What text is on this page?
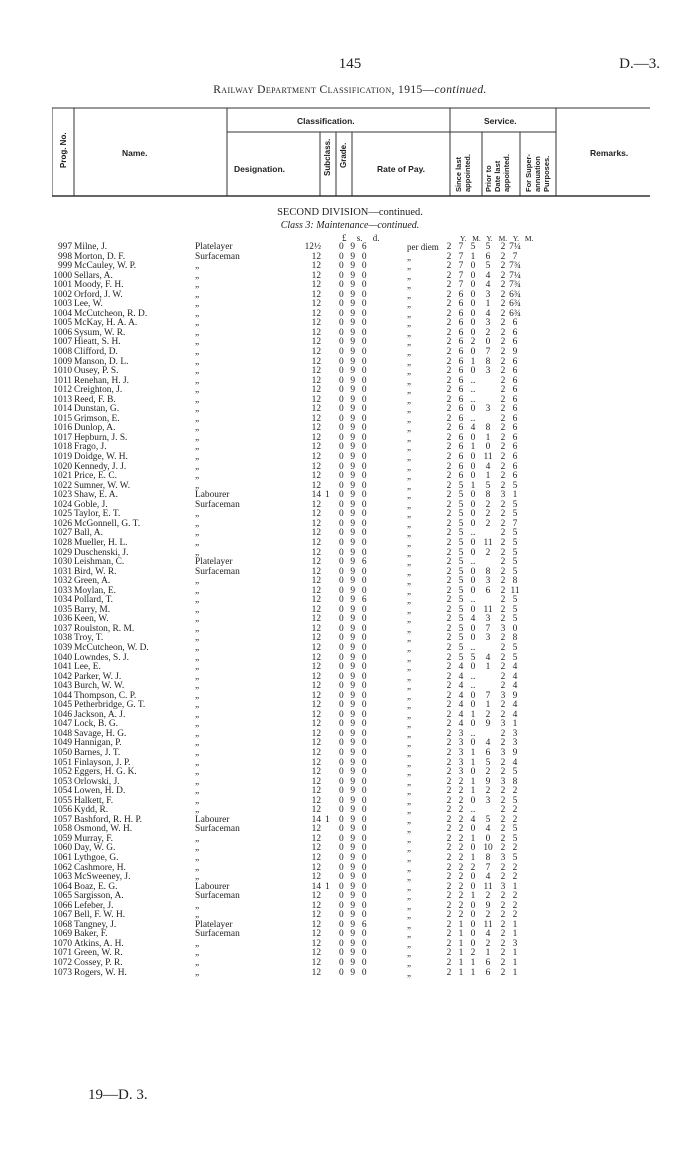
145	D.—3.
Railway Department Classification, 1915—continued.
Prog. No.	Name.
Classification.
Designation.	Subclass. Grade.
Rate of Pay.
Service.
Since last
appointed. Prior to
Date last
appointed. For Super-
annuation
Purposes.
Remarks.
SECOND DIVISION—continued.
Class 3: Maintenance—continued.
£ s. d.	Y. M. Y. M. Y. M.
997	Milne, J.	Platelayer	12½		0 9 6	per diem	2	7	5	5	2	7¼
998	Morton, D. F.	Surfaceman	12		0 9 0	„	2	7	1	6	2	7
999	McCauley, W. P.	„	12		0 9 0	„	2	7	0	5	2	7¾
1000	Sellars, A.	„	12		0 9 0	„	2	7	0	4	2	7¼
1001	Moody, F. H.	„	12		0 9 0	„	2	7	0	4	2	7¾
1002	Orford, J. W.	„	12		0 9 0	„	2	6	0	3	2	6¾
1003	Lee, W.	„	12		0 9 0	„	2	6	0	1	2	6¾
1004	McCutcheon, R. D.	„	12		0 9 0	„	2	6	0	4	2	6¾
1005	McKay, H. A. A.	„	12		0 9 0	„	2	6	0	3	2	6
1006	Sysum, W. R.	„	12		0 9 0	„	2	6	0	2	2	6
1007	Hieatt, S. H.	„	12		0 9 0	„	2	6	2	0	2	6
1008	Clifford, D.	„	12		0 9 0	„	2	6	0	7	2	9
1009	Manson, D. L.	„	12		0 9 0	„	2	6	1	8	2	6
1010	Ousey, P. S.	„	12		0 9 0	„	2	6	0	3	2	6
1011	Renehan, H. J.	„	12		0 9 0	„	2	6	..		2	6
1012	Creighton, J.	„	12		0 9 0	„	2	6	..		2	6
1013	Reed, F. B.	„	12		0 9 0	„	2	6	..		2	6
1014	Dunstan, G.	„	12		0 9 0	„	2	6	0	3	2	6
1015	Grimson, E.	„	12		0 9 0	„	2	6	..		2	6
1016	Dunlop, A.	„	12		0 9 0	„	2	6	4	8	2	6
1017	Hepburn, J. S.	„	12		0 9 0	„	2	6	0	1	2	6
1018	Frago, J.	„	12		0 9 0	„	2	6	1	0	2	6
1019	Doidge, W. H.	„	12		0 9 0	„	2	6	0	11	2	6
1020	Kennedy, J. J.	„	12		0 9 0	„	2	6	0	4	2	6
1021	Price, E. C.	„	12		0 9 0	„	2	6	0	1	2	6
1022	Sumner, W. W.	„	12		0 9 0	„	2	5	1	5	2	5
1023	Shaw, E. A.	Labourer	14	1	0 9 0	„	2	5	0	8	3	1
1024	Goble, J.	Surfaceman	12		0 9 0	„	2	5	0	2	2	5
1025	Taylor, E. T.	„	12		0 9 0	„	2	5	0	2	2	5
1026	McGonnell, G. T.	„	12		0 9 0	„	2	5	0	2	2	7
1027	Ball, A.	„	12		0 9 0	„	2	5	..		2	5
1028	Mueller, H. L.	„	12		0 9 0	„	2	5	0	11	2	5
1029	Duschenski, J.	„	12		0 9 0	„	2	5	0	2	2	5
1030	Leishman, C.	Platelayer	12		0 9 6	„	2	5	..		2	5
1031	Bird, W. R.	Surfaceman	12		0 9 0	„	2	5	0	8	2	5
1032	Green, A.	„	12		0 9 0	„	2	5	0	3	2	8
1033	Moylan, E.	„	12		0 9 0	„	2	5	0	6	2	11
1034	Pollard, T.	„	12		0 9 6	„	2	5	..		2	5
1035	Barry, M.	„	12		0 9 0	„	2	5	0	11	2	5
1036	Keen, W.	„	12		0 9 0	„	2	5	4	3	2	5
1037	Roulston, R. M.	„	12		0 9 0	„	2	5	0	7	3	0
1038	Troy, T.	„	12		0 9 0	„	2	5	0	3	2	8
1039	McCutcheon, W. D.	„	12		0 9 0	„	2	5	..		2	5
1040	Lowndes, S. J.	„	12		0 9 0	„	2	5	5	4	2	5
1041	Lee, E.	„	12		0 9 0	„	2	4	0	1	2	4
1042	Parker, W. J.	„	12		0 9 0	„	2	4	..		2	4
1043	Burch, W. W.	„	12		0 9 0	„	2	4	..		2	4
1044	Thompson, C. P.	„	12		0 9 0	„	2	4	0	7	3	9
1045	Petherbridge, G. T.	„	12		0 9 0	„	2	4	0	1	2	4
1046	Jackson, A. J.	„	12		0 9 0	„	2	4	1	2	2	4
1047	Lock, B. G.	„	12		0 9 0	„	2	4	0	9	3	1
1048	Savage, H. G.	„	12		0 9 0	„	2	3	..		2	3
1049	Hannigan, P.	„	12		0 9 0	„	2	3	0	4	2	3
1050	Barnes, J. T.	„	12		0 9 0	„	2	3	1	6	3	9
1051	Finlayson, J. P.	„	12		0 9 0	„	2	3	1	5	2	4
1052	Eggers, H. G. K.	„	12		0 9 0	„	2	3	0	2	2	5
1053	Orlowski, J.	„	12		0 9 0	„	2	2	1	9	3	8
1054	Lowen, H. D.	„	12		0 9 0	„	2	2	1	2	2	2
1055	Halkett, F.	„	12		0 9 0	„	2	2	0	3	2	5
1056	Kydd, R.	„	12		0 9 0	„	2	2	..		2	2
1057	Bashford, R. H. P.	Labourer	14	1	0 9 0	„	2	2	4	5	2	2
1058	Osmond, W. H.	Surfaceman	12		0 9 0	„	2	2	0	4	2	5
1059	Murray, F.	„	12		0 9 0	„	2	2	1	0	2	5
1060	Day, W. G.	„	12		0 9 0	„	2	2	0	10	2	2
1061	Lythgoe, G.	„	12		0 9 0	„	2	2	1	8	3	5
1062	Cashmore, H.	„	12		0 9 0	„	2	2	2	7	2	2
1063	McSweeney, J.	„	12		0 9 0	„	2	2	0	4	2	2
1064	Boaz, E. G.	Labourer	14	1	0 9 0	„	2	2	0	11	3	1
1065	Sargisson, A.	Surfaceman	12		0 9 0	„	2	2	1	2	2	2
1066	Lefeber, J.	„	12		0 9 0	„	2	2	0	9	2	2
1067	Bell, F. W. H.	„	12		0 9 0	„	2	2	0	2	2	2
1068	Tangney, J.	Platelayer	12		0 9 6	„	2	1	0	11	2	1
1069	Baker, F.	Surfaceman	12		0 9 0	„	2	1	0	4	2	1
1070	Atkins, A. H.	„	12		0 9 0	„	2	1	0	2	2	3
1071	Green, W. R.	„	12		0 9 0	„	2	1	2	1	2	1
1072	Cossey, P. R.	„	12		0 9 0	„	2	1	1	6	2	1
1073	Rogers, W. H.	„	12		0 9 0	„	2	1	1	6	2	1
19—D. 3.
